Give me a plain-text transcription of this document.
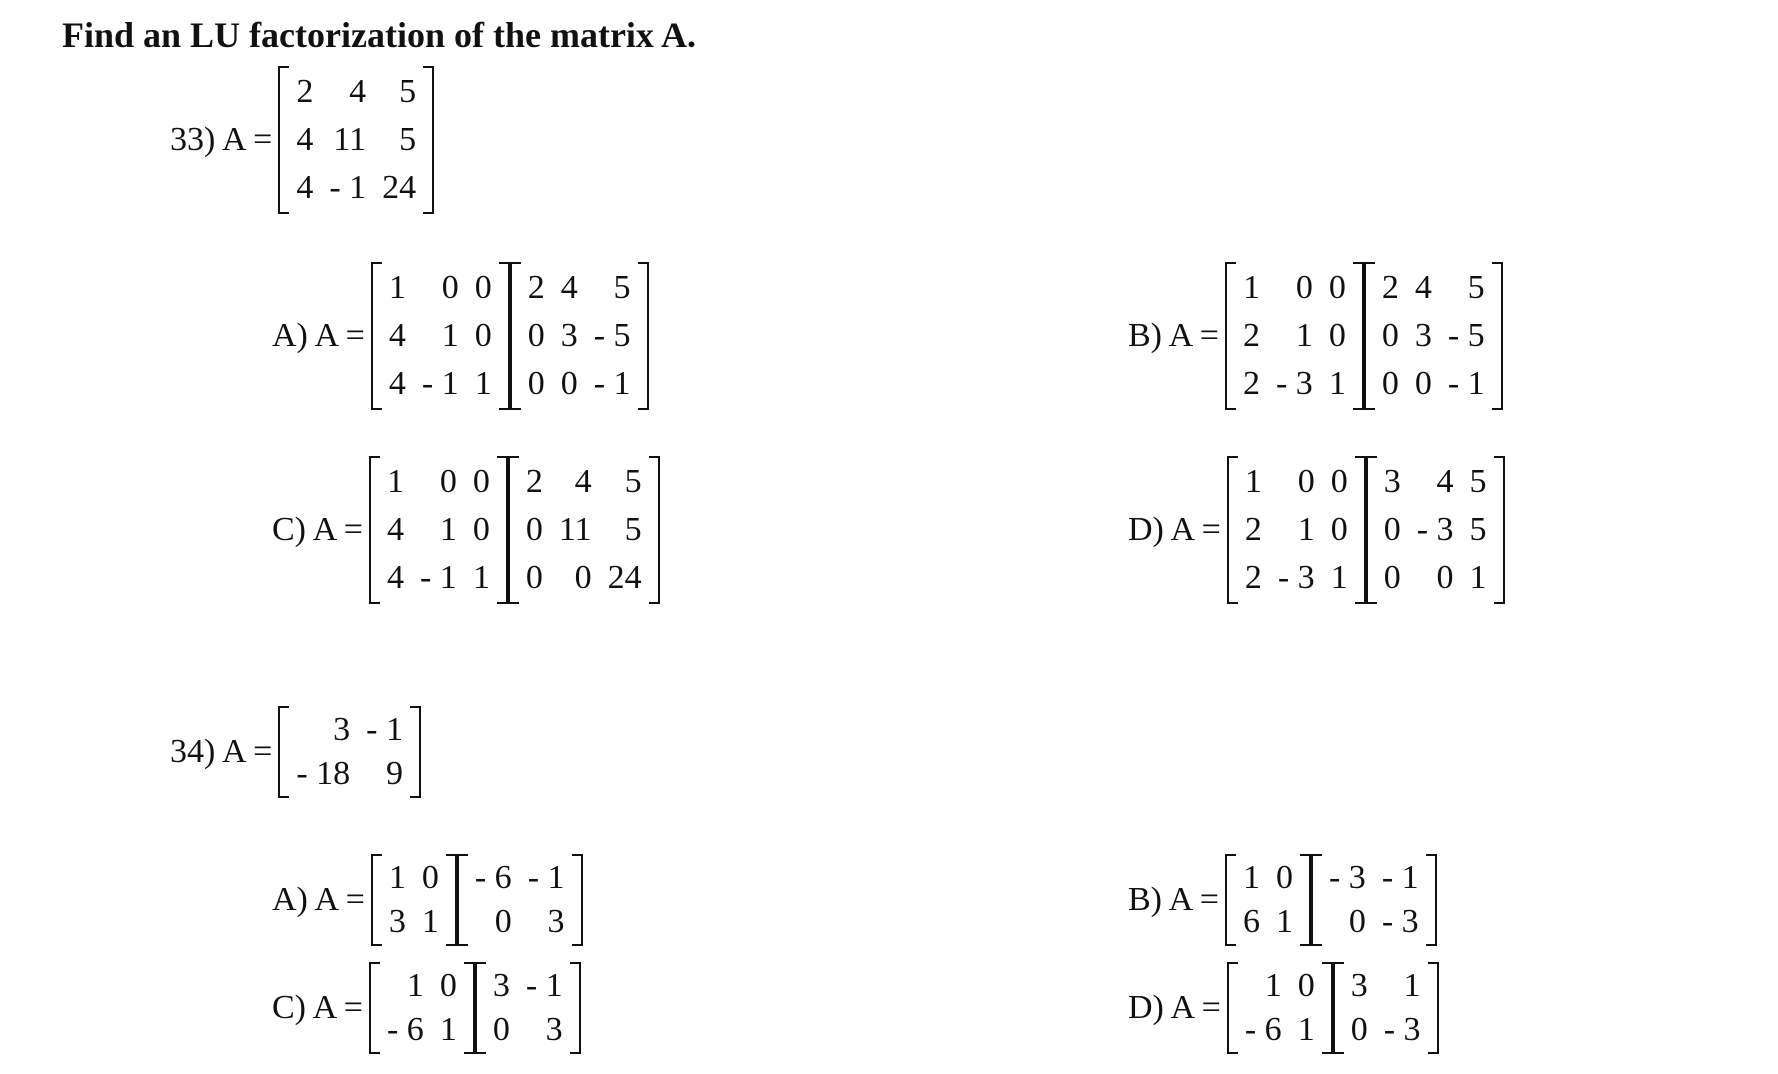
Find an LU factorization of the matrix A.
33) A =
2	4	5
4	11	5
4	- 1	24
A) A =
1	0	0
4	1	0
4	- 1	1
2	4	5
0	3	- 5
0	0	- 1
B) A =
1	0	0
2	1	0
2	- 3	1
2	4	5
0	3	- 5
0	0	- 1
C) A =
1	0	0
4	1	0
4	- 1	1
2	4	5
0	11	5
0	0	24
D) A =
1	0	0
2	1	0
2	- 3	1
3	4	5
0	- 3	5
0	0	1
34) A =
3	- 1
- 18	9
A) A =
1	0
3	1
- 6	- 1
0	3
B) A =
1	0
6	1
- 3	- 1
0	- 3
C) A =
1	0
- 6	1
3	- 1
0	3
D) A =
1	0
- 6	1
3	1
0	- 3
